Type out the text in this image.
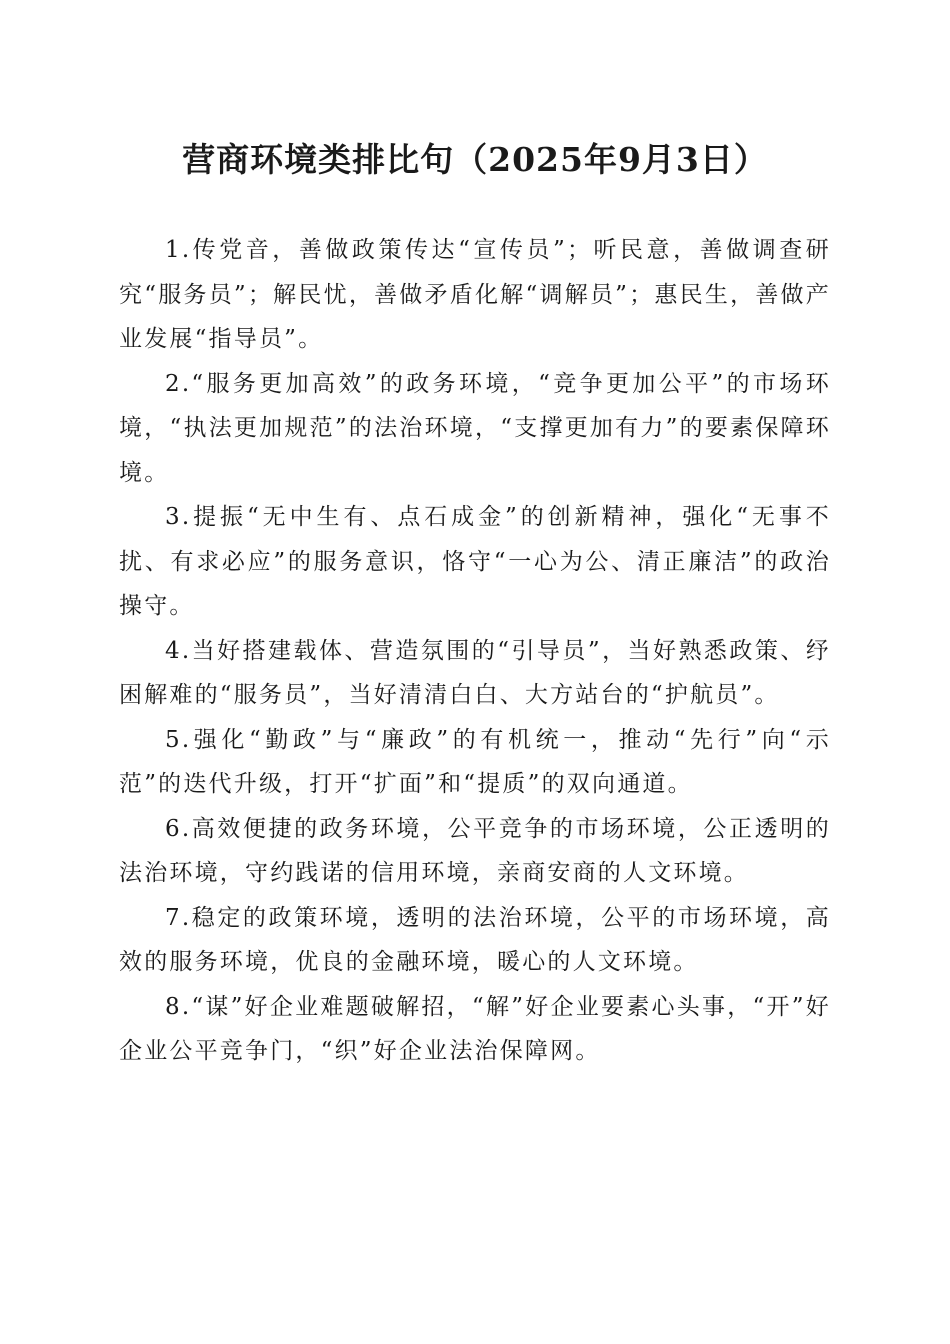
营商环境类排比句（2025年9月3日）

1.传党音，善做政策传达“宣传员”；听民意，善做调查研究“服务员”；解民忧，善做矛盾化解“调解员”；惠民生，善做产业发展“指导员”。

2.“服务更加高效”的政务环境，“竞争更加公平”的市场环境，“执法更加规范”的法治环境，“支撑更加有力”的要素保障环境。

3.提振“无中生有、点石成金”的创新精神，强化“无事不扰、有求必应”的服务意识，恪守“一心为公、清正廉洁”的政治操守。

4.当好搭建载体、营造氛围的“引导员”，当好熟悉政策、纾困解难的“服务员”，当好清清白白、大方站台的“护航员”。

5.强化“勤政”与“廉政”的有机统一，推动“先行”向“示范”的迭代升级，打开“扩面”和“提质”的双向通道。

6.高效便捷的政务环境，公平竞争的市场环境，公正透明的法治环境，守约践诺的信用环境，亲商安商的人文环境。

7.稳定的政策环境，透明的法治环境，公平的市场环境，高效的服务环境，优良的金融环境，暖心的人文环境。

8.“谋”好企业难题破解招，“解”好企业要素心头事，“开”好企业公平竞争门，“织”好企业法治保障网。
